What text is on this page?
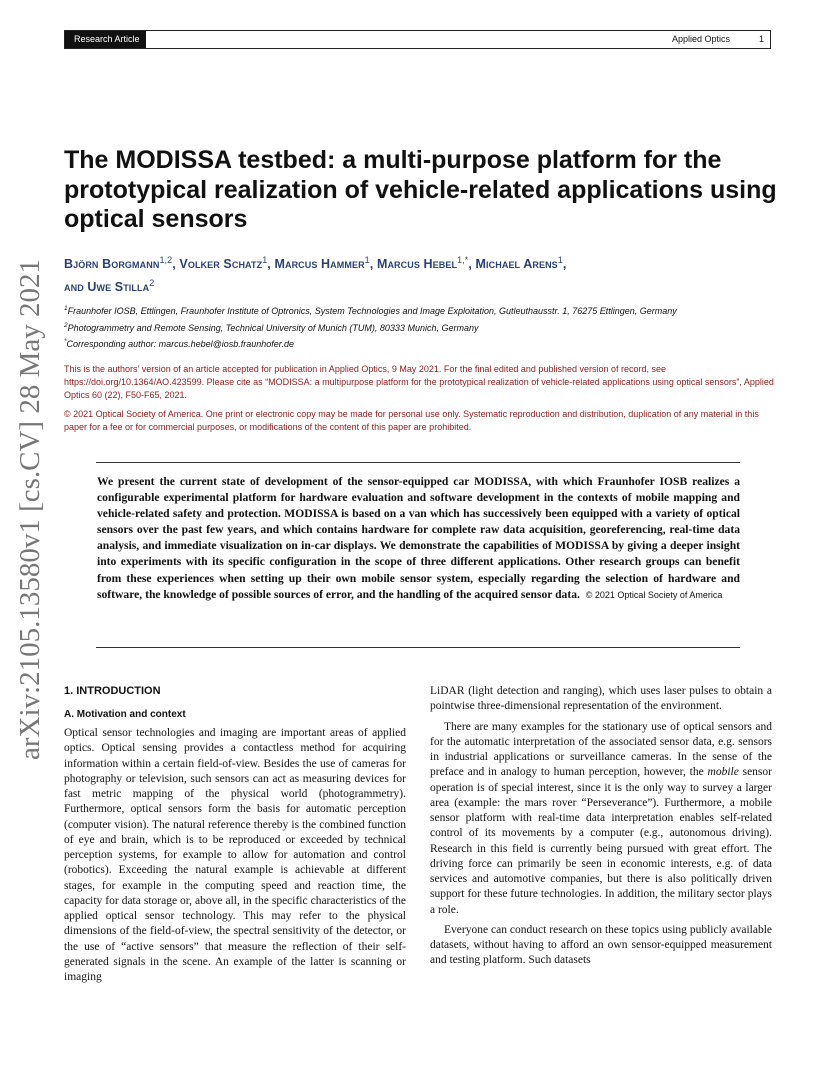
Research Article	Applied Optics	1
arXiv:2105.13580v1 [cs.CV] 28 May 2021
The MODISSA testbed: a multi-purpose platform for the prototypical realization of vehicle-related applications using optical sensors
Björn Borgmann$^{1,2}$, Volker Schatz$^1$, Marcus Hammer$^1$, Marcus Hebel$^{1,*}$, Michael Arens$^1$,
and Uwe Stilla$^2$
$^1$Fraunhofer IOSB, Ettlingen, Fraunhofer Institute of Optronics, System Technologies and Image Exploitation, Gutleuthausstr. 1, 76275 Ettlingen, Germany
$^2$Photogrammetry and Remote Sensing, Technical University of Munich (TUM), 80333 Munich, Germany
*Corresponding author: marcus.hebel@iosb.fraunhofer.de

This is the authors’ version of an article accepted for publication in Applied Optics, 9 May 2021. For the final edited and published version of record, see https://doi.org/10.1364/AO.423599. Please cite as “MODISSA: a multipurpose platform for the prototypical realization of vehicle-related applications using optical sensors”, Applied Optics 60 (22), F50-F65, 2021.

© 2021 Optical Society of America. One print or electronic copy may be made for personal use only. Systematic reproduction and distribution, duplication of any material in this paper for a fee or for commercial purposes, or modifications of the content of this paper are prohibited.

We present the current state of development of the sensor-equipped car MODISSA, with which Fraunhofer IOSB realizes a configurable experimental platform for hardware evaluation and software development in the contexts of mobile mapping and vehicle-related safety and protection. MODISSA is based on a van which has successively been equipped with a variety of optical sensors over the past few years, and which contains hardware for complete raw data acquisition, georeferencing, real-time data analysis, and immediate visualization on in-car displays. We demonstrate the capabilities of MODISSA by giving a deeper insight into experiments with its specific configuration in the scope of three different applications. Other research groups can benefit from these experiences when setting up their own mobile sensor system, especially regarding the selection of hardware and software, the knowledge of possible sources of error, and the handling of the acquired sensor data. © 2021 Optical Society of America

1. INTRODUCTION
A. Motivation and context

Optical sensor technologies and imaging are important areas of applied optics. Optical sensing provides a contactless method for acquiring information within a certain field-of-view. Besides the use of cameras for photography or television, such sensors can act as measuring devices for fast metric mapping of the physical world (photogrammetry). Furthermore, optical sensors form the basis for automatic perception (computer vision). The natural reference thereby is the combined function of eye and brain, which is to be reproduced or exceeded by technical perception systems, for example to allow for automation and control (robotics). Exceeding the natural example is achievable at different stages, for example in the computing speed and reaction time, the capacity for data storage or, above all, in the specific characteristics of the applied optical sensor technology. This may refer to the physical dimensions of the field-of-view, the spectral sensitivity of the detector, or the use of “active sensors” that measure the reflection of their self-generated signals in the scene. An example of the latter is scanning or imaging

LiDAR (light detection and ranging), which uses laser pulses to obtain a pointwise three-dimensional representation of the environment.

There are many examples for the stationary use of optical sensors and for the automatic interpretation of the associated sensor data, e.g. sensors in industrial applications or surveillance cameras. In the sense of the preface and in analogy to human perception, however, the mobile sensor operation is of special interest, since it is the only way to survey a larger area (example: the mars rover “Perseverance”). Furthermore, a mobile sensor platform with real-time data interpretation enables self-related control of its movements by a computer (e.g., autonomous driving). Research in this field is currently being pursued with great effort. The driving force can primarily be seen in economic interests, e.g. of data services and automotive companies, but there is also politically driven support for these future technologies. In addition, the military sector plays a role.

Everyone can conduct research on these topics using publicly available datasets, without having to afford an own sensor-equipped measurement and testing platform. Such datasets
